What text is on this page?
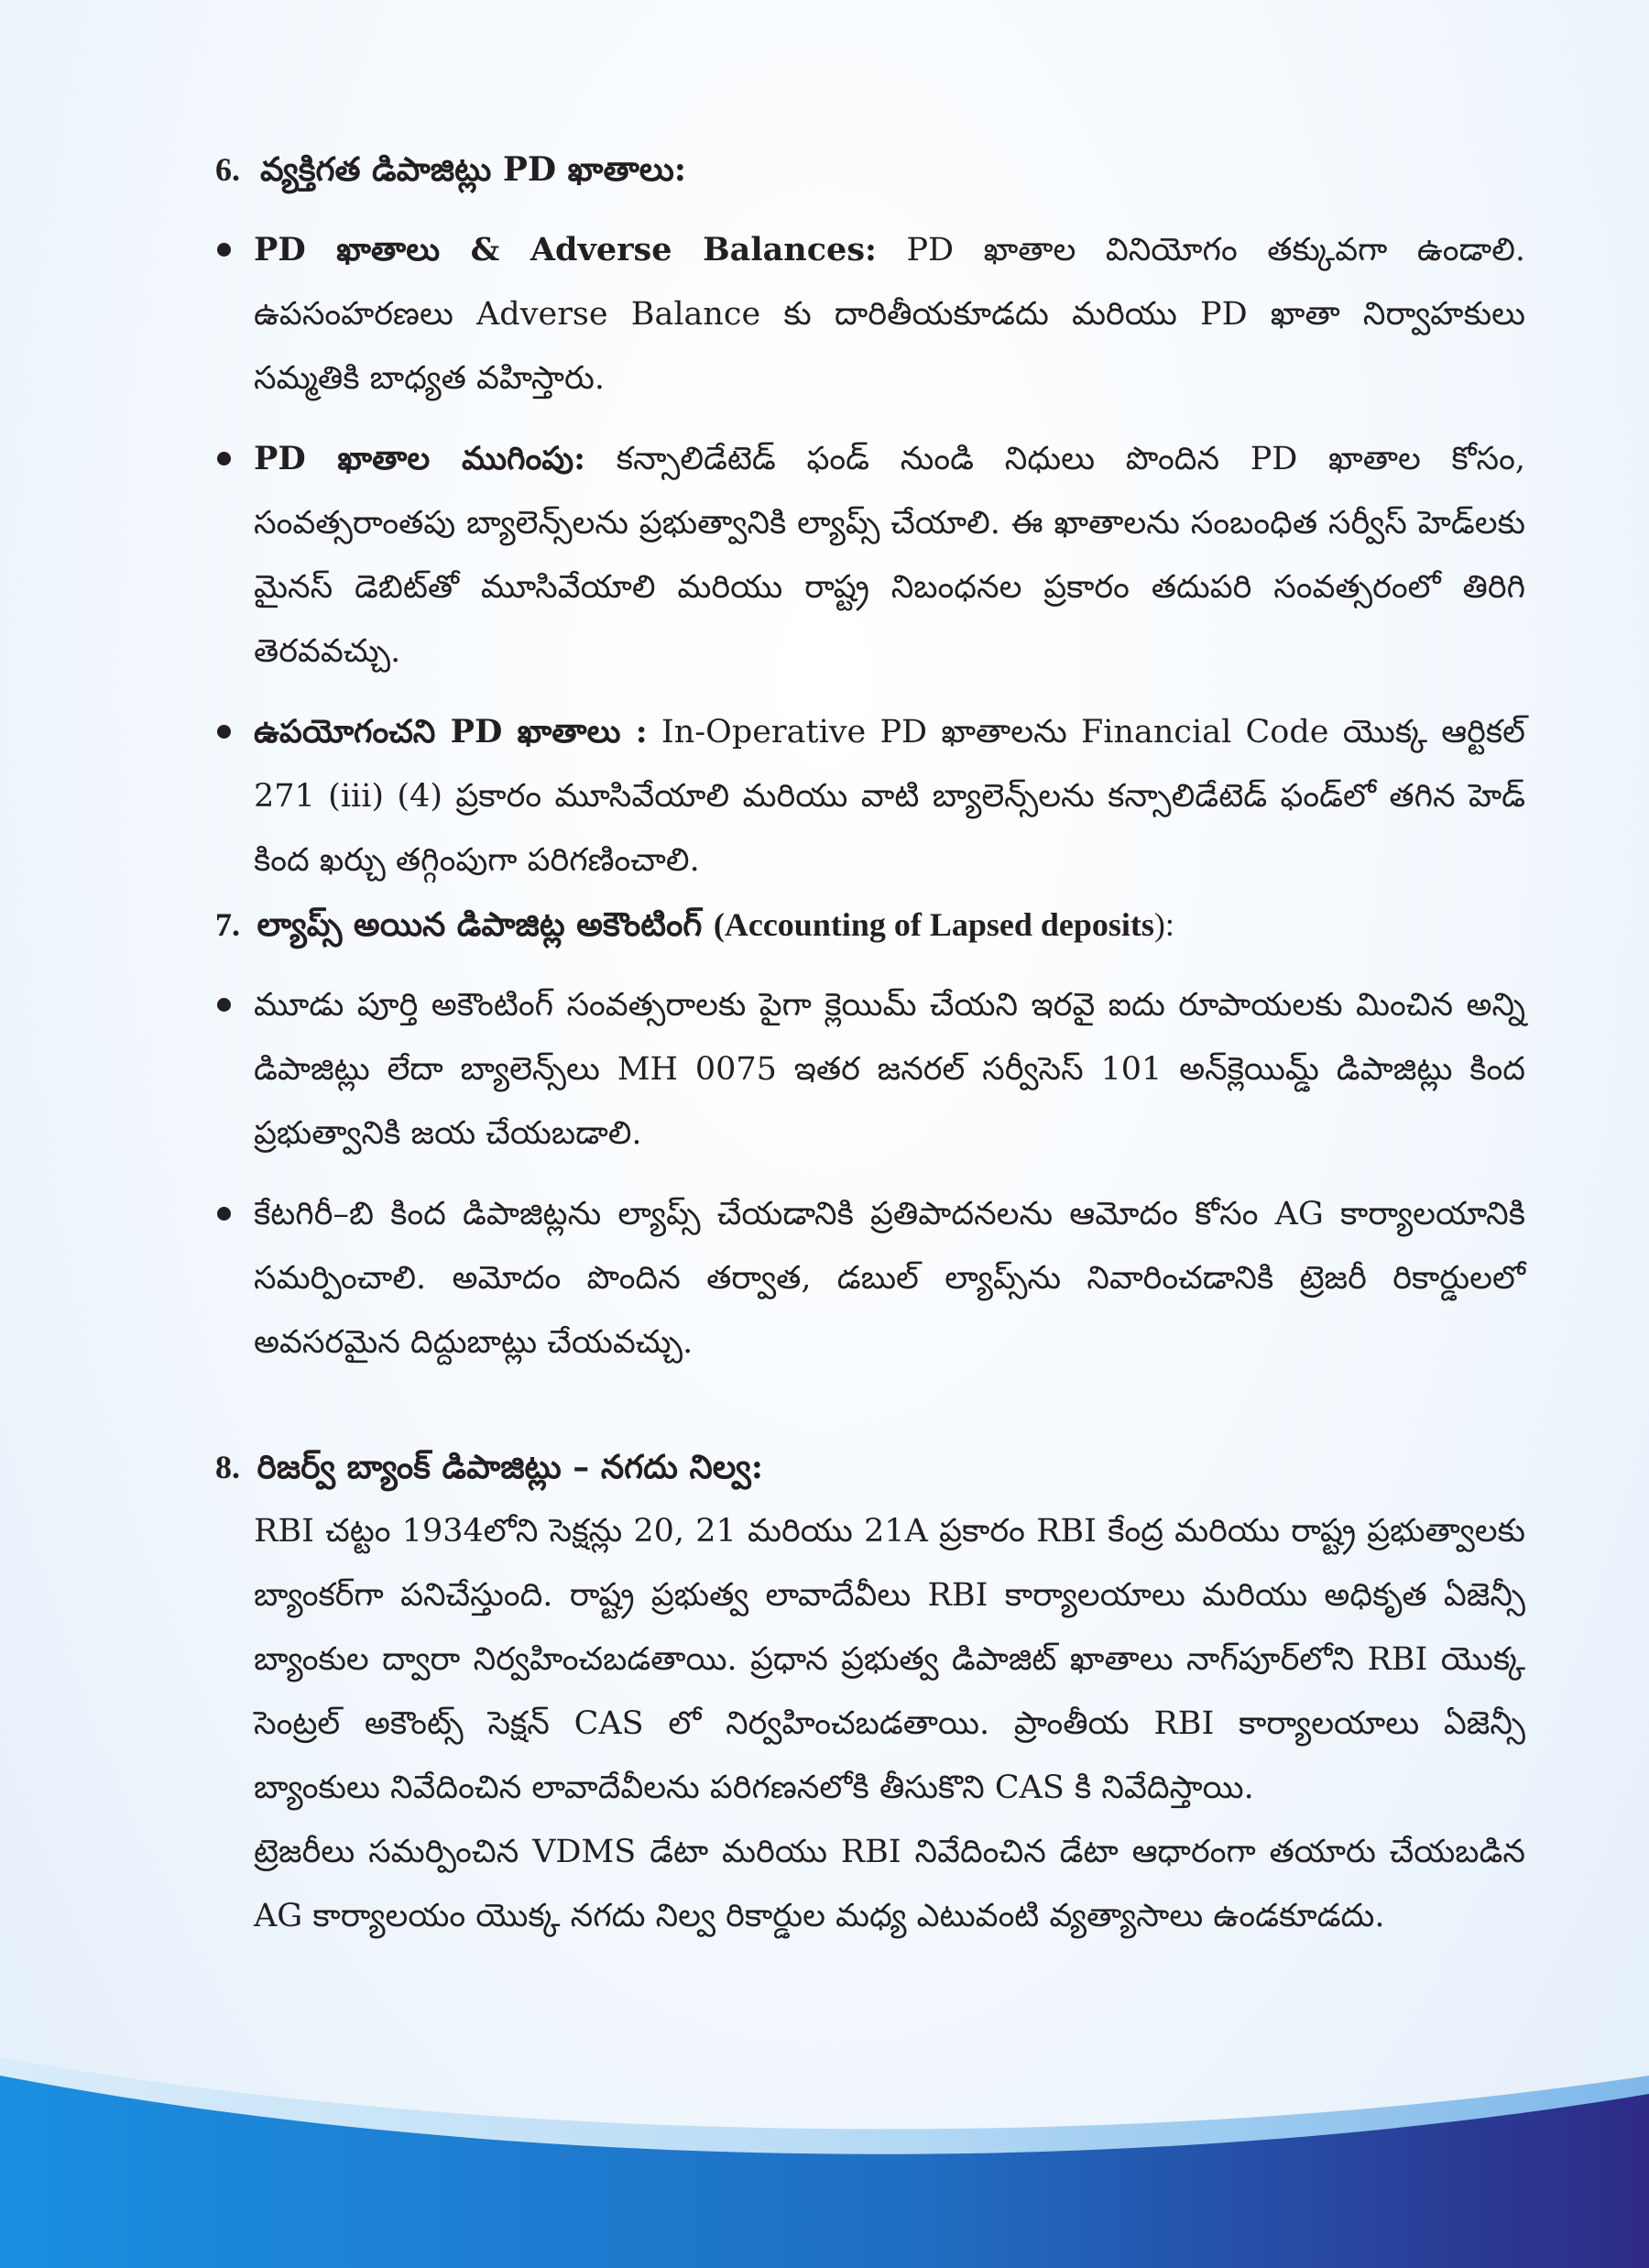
6. వ్యక్తిగత డిపాజిట్లు PD ఖాతాలు:

PD ఖాతాలు & Adverse Balances: PD ఖాతాల వినియోగం తక్కువగా ఉండాలి. ఉపసంహరణలు Adverse Balance కు దారితీయకూడదు మరియు PD ఖాతా నిర్వాహకులు సమ్మతికి బాధ్యత వహిస్తారు.
PD ఖాతాల ముగింపు: కన్సాలిడేటెడ్ ఫండ్ నుండి నిధులు పొందిన PD ఖాతాల కోసం, సంవత్సరాంతపు బ్యాలెన్స్‌లను ప్రభుత్వానికి ల్యాప్స్ చేయాలి. ఈ ఖాతాలను సంబంధిత సర్వీస్ హెడ్‌లకు మైనస్ డెబిట్‌తో మూసివేయాలి మరియు రాష్ట్ర నిబంధనల ప్రకారం తదుపరి సంవత్సరంలో తిరిగి తెరవవచ్చు.
ఉపయోగంచని PD ఖాతాలు : In-Operative PD ఖాతాలను Financial Code యొక్క ఆర్టికల్ 271 (iii) (4) ప్రకారం మూసివేయాలి మరియు వాటి బ్యాలెన్స్‌లను కన్సాలిడేటెడ్ ఫండ్‌లో తగిన హెడ్ కింద ఖర్చు తగ్గింపుగా పరిగణించాలి.

7. ల్యాప్స్ అయిన డిపాజిట్ల అకౌంటింగ్ (Accounting of Lapsed deposits):

మూడు పూర్తి అకౌంటింగ్ సంవత్సరాలకు పైగా క్లెయిమ్ చేయని ఇరవై ఐదు రూపాయలకు మించిన అన్ని డిపాజిట్లు లేదా బ్యాలెన్స్‌లు MH 0075 ఇతర జనరల్ సర్వీసెస్ 101 అన్‌క్లెయిమ్డ్ డిపాజిట్లు కింద ప్రభుత్వానికి జయ చేయబడాలి.
కేటగిరీ–బి కింద డిపాజిట్లను ల్యాప్స్ చేయడానికి ప్రతిపాదనలను ఆమోదం కోసం AG కార్యాలయానికి సమర్పించాలి. అమోదం పొందిన తర్వాత, డబుల్ ల్యాప్స్‌ను నివారించడానికి ట్రెజరీ రికార్డులలో అవసరమైన దిద్దుబాట్లు చేయవచ్చు.

8. రిజర్వ్ బ్యాంక్ డిపాజిట్లు – నగదు నిల్వ:

RBI చట్టం 1934లోని సెక్షన్లు 20, 21 మరియు 21A ప్రకారం RBI కేంద్ర మరియు రాష్ట్ర ప్రభుత్వాలకు బ్యాంకర్‌గా పనిచేస్తుంది. రాష్ట్ర ప్రభుత్వ లావాదేవీలు RBI కార్యాలయాలు మరియు అధికృత ఏజెన్సీ బ్యాంకుల ద్వారా నిర్వహించబడతాయి. ప్రధాన ప్రభుత్వ డిపాజిట్ ఖాతాలు నాగ్‌పూర్‌లోని RBI యొక్క సెంట్రల్ అకౌంట్స్ సెక్షన్ CAS లో నిర్వహించబడతాయి. ప్రాంతీయ RBI కార్యాలయాలు ఏజెన్సీ బ్యాంకులు నివేదించిన లావాదేవీలను పరిగణనలోకి తీసుకొని CAS కి నివేదిస్తాయి.

ట్రెజరీలు సమర్పించిన VDMS డేటా మరియు RBI నివేదించిన డేటా ఆధారంగా తయారు చేయబడిన AG కార్యాలయం యొక్క నగదు నిల్వ రికార్డుల మధ్య ఎటువంటి వ్యత్యాసాలు ఉండకూడదు.
